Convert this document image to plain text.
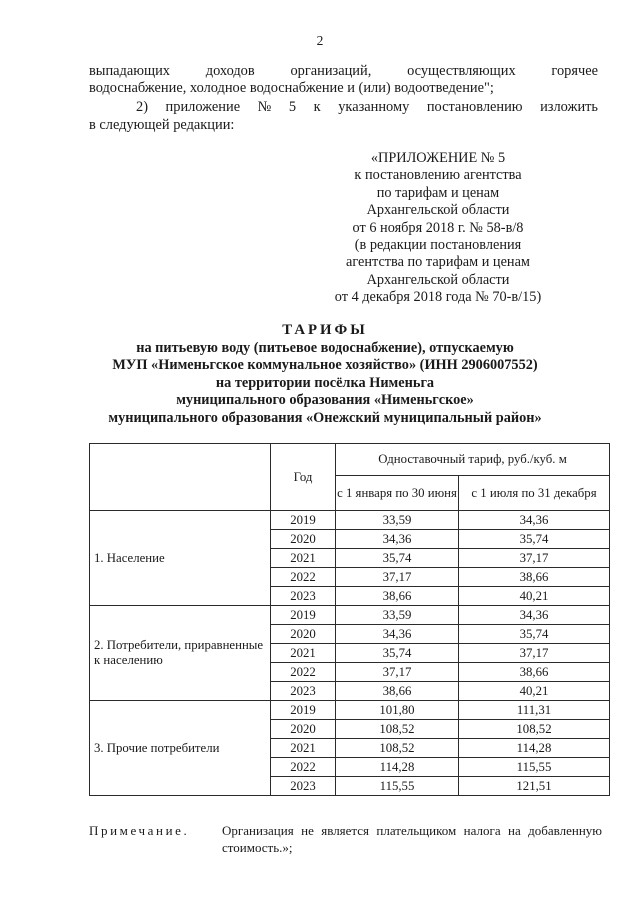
2
выпадающих доходов организаций, осуществляющих горячее
водоснабжение, холодное водоснабжение и (или) водоотведение";
2) приложение № 5 к указанному постановлению изложить
в следующей редакции:
«ПРИЛОЖЕНИЕ № 5
к постановлению агентства
по тарифам и ценам
Архангельской области
от 6 ноября 2018 г. № 58-в/8
(в редакции постановления
агентства по тарифам и ценам
Архангельской области
от 4 декабря 2018 года № 70-в/15)
ТАРИФЫ
на питьевую воду (питьевое водоснабжение), отпускаемую
МУП «Нименьгское коммунальное хозяйство» (ИНН 2906007552)
на территории посёлка Нименьга
муниципального образования «Нименьгское»
муниципального образования «Онежский муниципальный район»
	Год	Одноставочный тариф, руб./куб. м	
		с 1 января по 30 июня	с 1 июля по 31 декабря
1. Население	2019	33,59	34,36
	2020	34,36	35,74
	2021	35,74	37,17
	2022	37,17	38,66
	2023	38,66	40,21
2. Потребители, приравненные к населению	2019	33,59	34,36
	2020	34,36	35,74
	2021	35,74	37,17
	2022	37,17	38,66
	2023	38,66	40,21
3. Прочие потребители	2019	101,80	111,31
	2020	108,52	108,52
	2021	108,52	114,28
	2022	114,28	115,55
	2023	115,55	121,51
Примечание.	Организация не является плательщиком налога на добавленную стоимость.»;
